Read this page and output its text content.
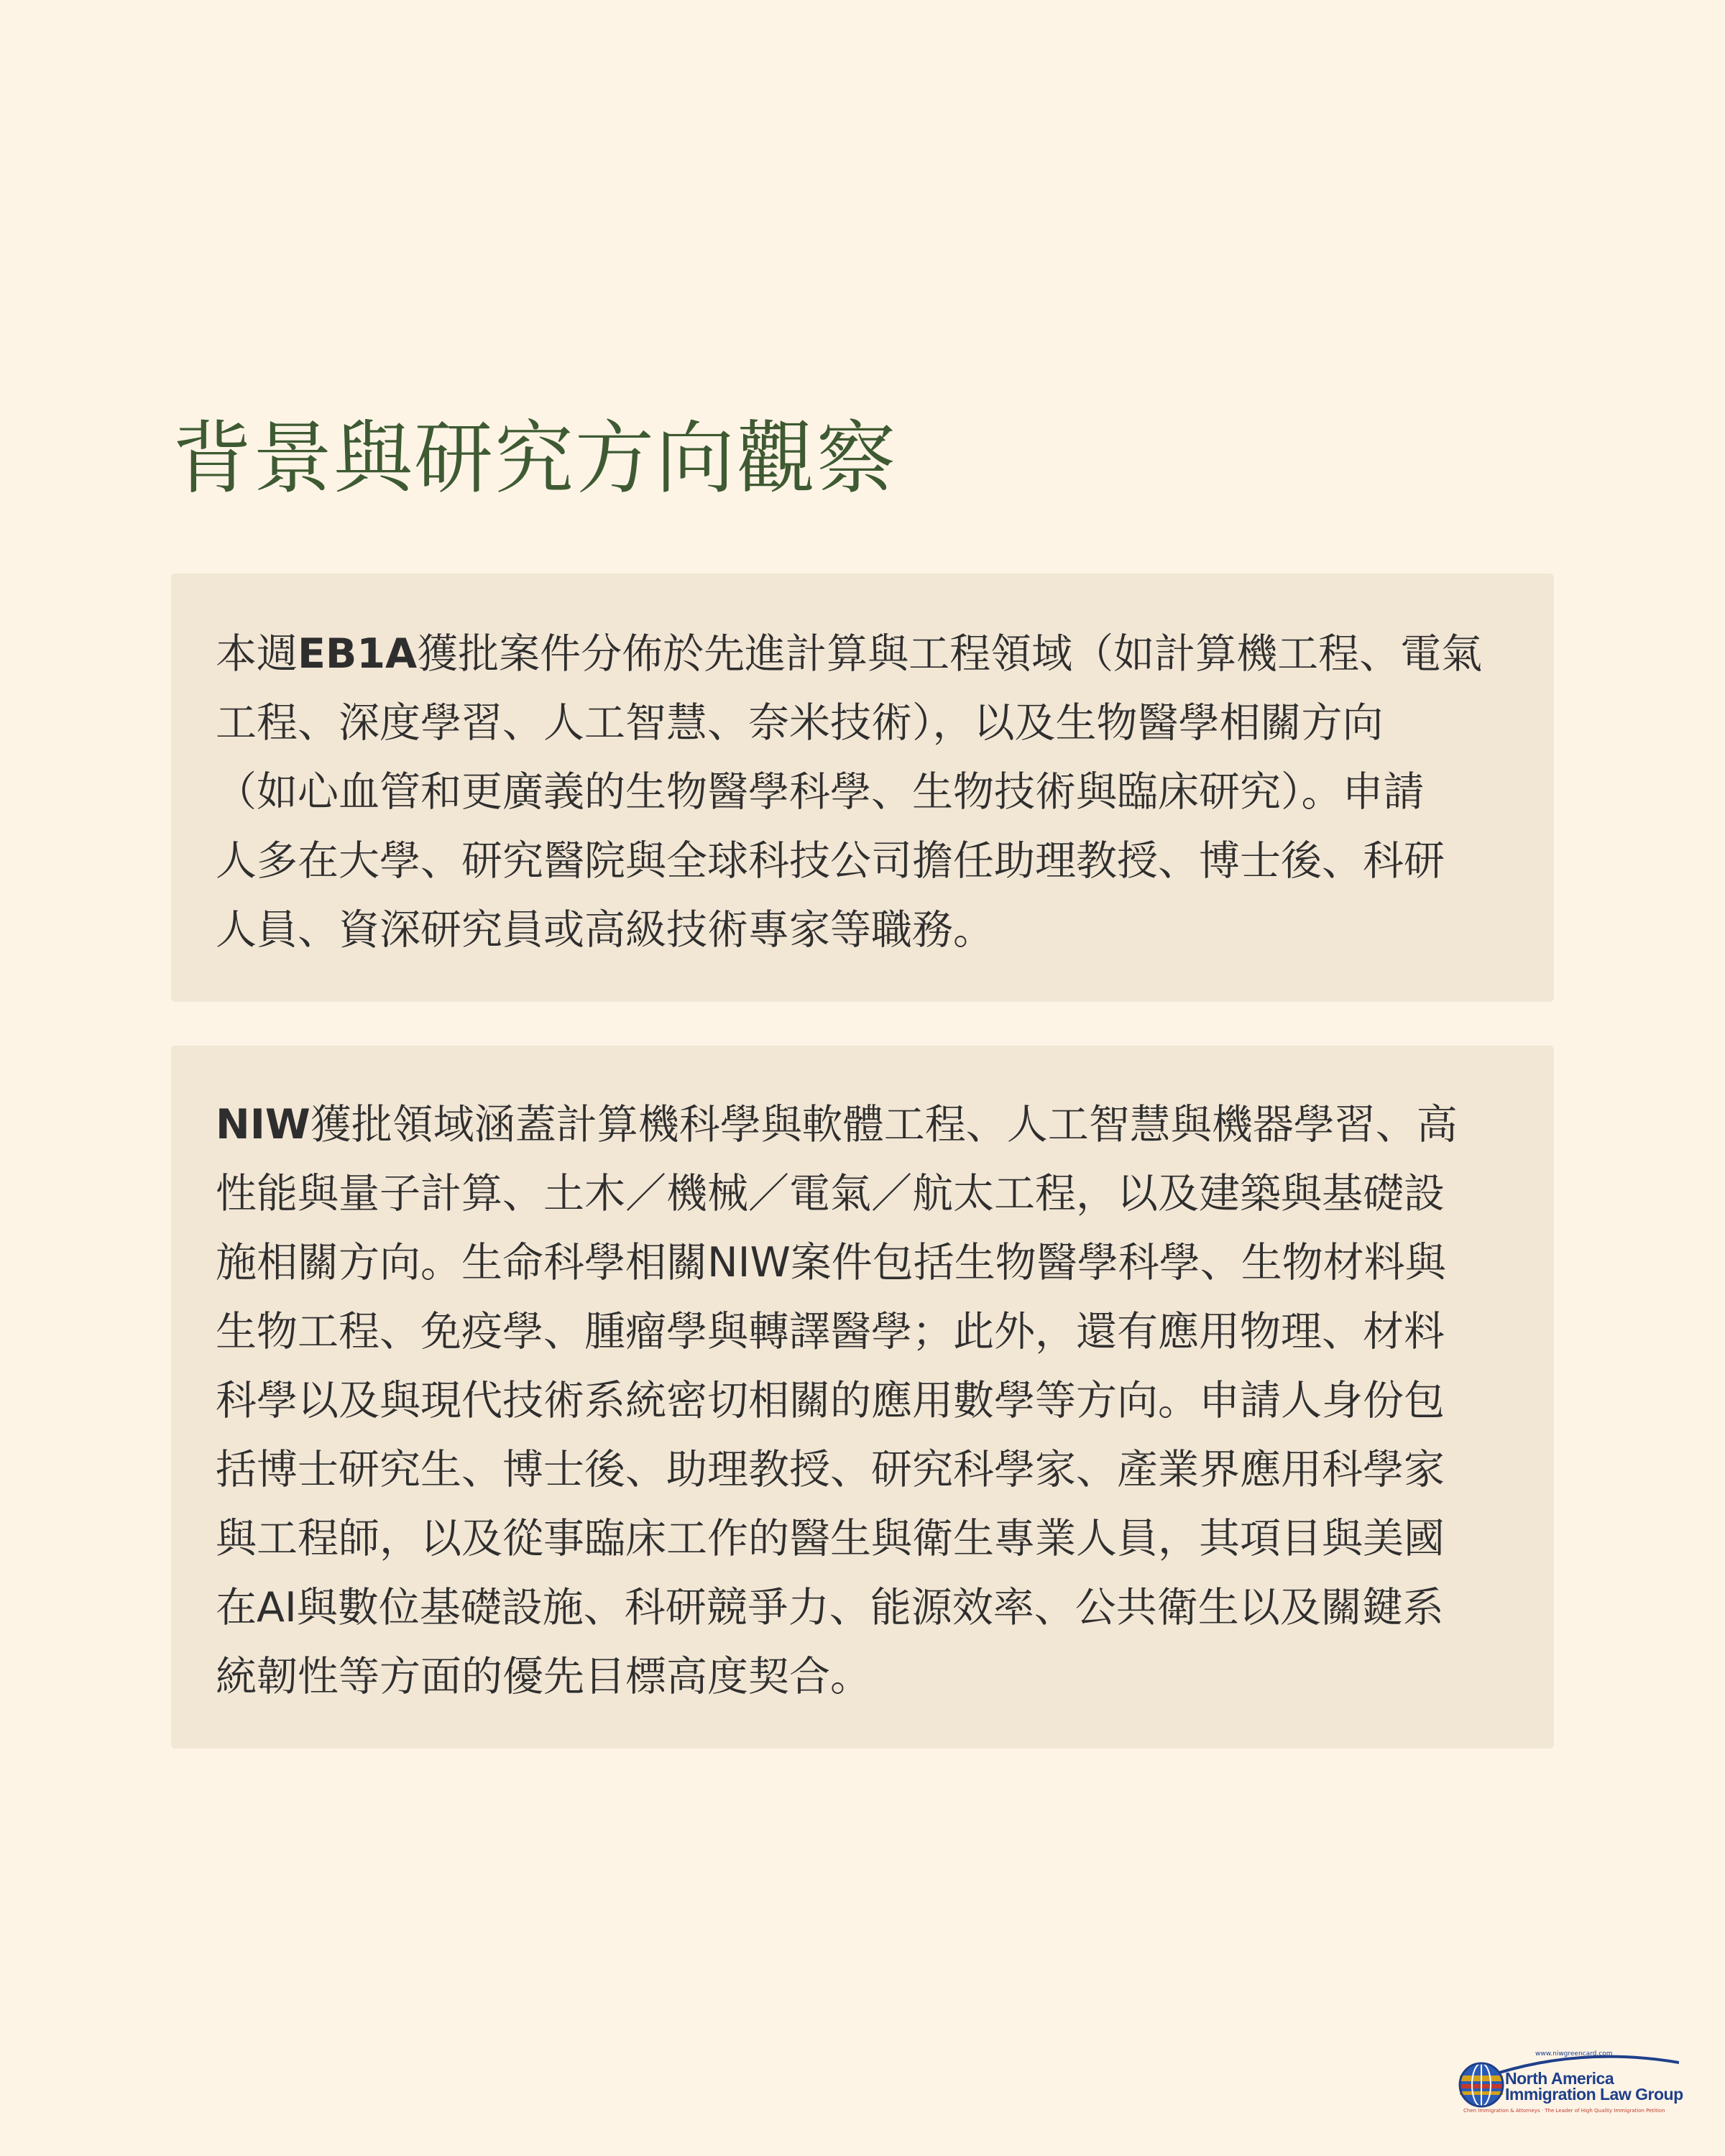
背景與研究方向觀察
本週EB1A獲批案件分佈於先進計算與工程領域（如計算機工程、電氣
工程、深度學習、人工智慧、奈米技術），以及生物醫學相關方向
（如心血管和更廣義的生物醫學科學、生物技術與臨床研究）。申請
人多在大學、研究醫院與全球科技公司擔任助理教授、博士後、科研
人員、資深研究員或高級技術專家等職務。
NIW獲批領域涵蓋計算機科學與軟體工程、人工智慧與機器學習、高
性能與量子計算、土木／機械／電氣／航太工程，以及建築與基礎設
施相關方向。生命科學相關NIW案件包括生物醫學科學、生物材料與
生物工程、免疫學、腫瘤學與轉譯醫學；此外，還有應用物理、材料
科學以及與現代技術系統密切相關的應用數學等方向。申請人身份包
括博士研究生、博士後、助理教授、研究科學家、產業界應用科學家
與工程師，以及從事臨床工作的醫生與衛生專業人員，其項目與美國
在AI與數位基礎設施、科研競爭力、能源效率、公共衛生以及關鍵系
統韌性等方面的優先目標高度契合。
www.niwgreencard.com
North America
Immigration Law Group
Chen Immigration & Attorneys · The Leader of High Quality Immigration Petition
